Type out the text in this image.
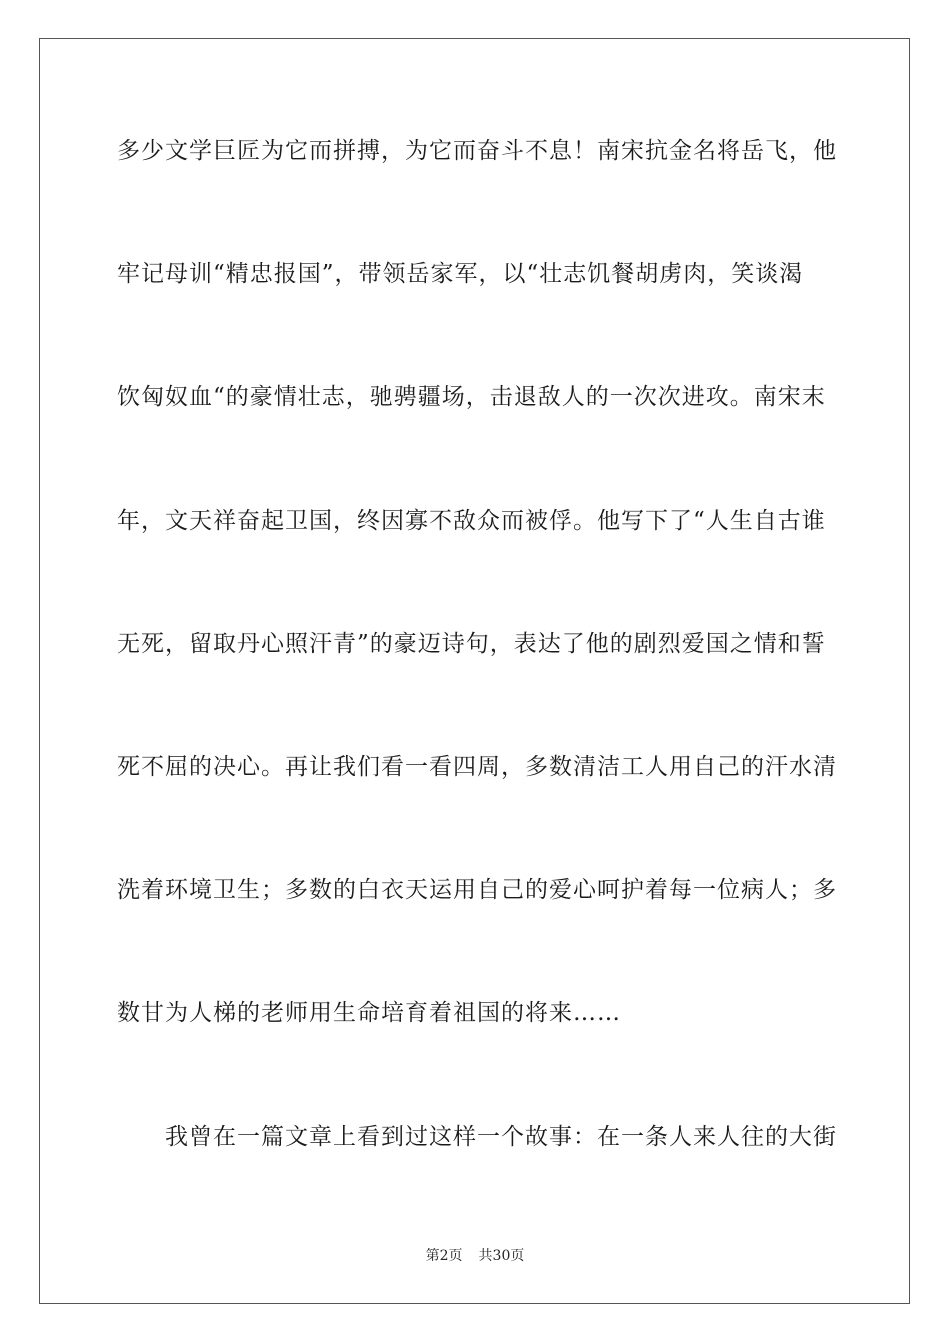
多少文学巨匠为它而拼搏，为它而奋斗不息！南宋抗金名将岳飞，他
牢记母训“精忠报国”，带领岳家军，以“壮志饥餐胡虏肉，笑谈渴
饮匈奴血“的豪情壮志，驰骋疆场，击退敌人的一次次进攻。南宋末
年，文天祥奋起卫国，终因寡不敌众而被俘。他写下了“人生自古谁
无死，留取丹心照汗青”的豪迈诗句，表达了他的剧烈爱国之情和誓
死不屈的决心。再让我们看一看四周，多数清洁工人用自己的汗水清
洗着环境卫生；多数的白衣天运用自己的爱心呵护着每一位病人；多
数甘为人梯的老师用生命培育着祖国的将来……
我曾在一篇文章上看到过这样一个故事：在一条人来人往的大街
第2页 共30页
